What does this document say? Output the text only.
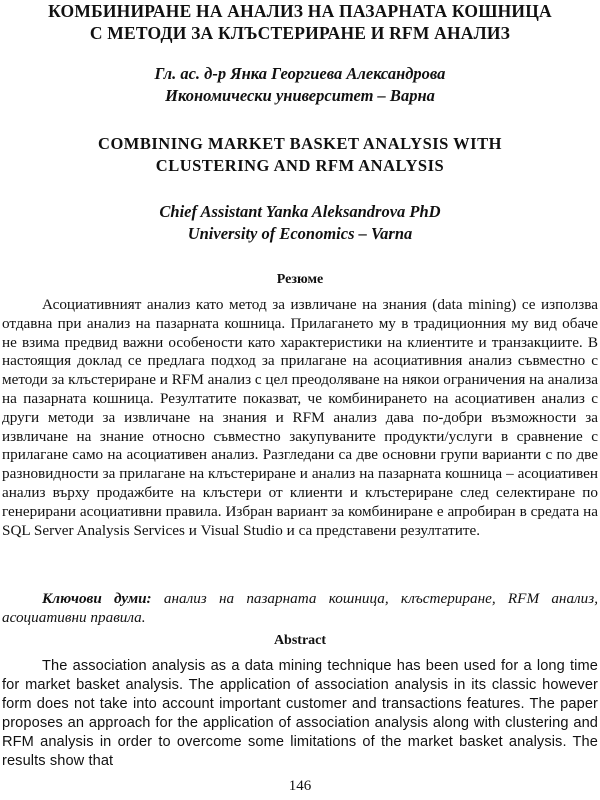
КОМБИНИРАНЕ НА АНАЛИЗ НА ПАЗАРНАТА КОШНИЦА
С МЕТОДИ ЗА КЛЪСТЕРИРАНЕ И RFM АНАЛИЗ
Гл. ас. д-р Янка Георгиева Александрова
Икономически университет – Варна
COMBINING MARKET BASKET ANALYSIS WITH
CLUSTERING AND RFM ANALYSIS
Chief Assistant Yanka Aleksandrova PhD
University of Economics – Varna
Резюме

Асоциативният анализ като метод за извличане на знания (data mining) се използва отдавна при анализ на пазарната кошница. Прилагането му в традиционния му вид обаче не взима предвид важни особености като характеристики на клиентите и транзакциите. В настоящия доклад се предлага подход за прилагане на асоциативния анализ съвместно с методи за клъстериране и RFM анализ с цел преодоляване на някои ограничения на анализа на пазарната кошница. Резултатите показват, че комбинирането на асоциативен анализ с други методи за извличане на знания и RFM анализ дава по-добри възможности за извличане на знание относно съвместно закупуваните продукти/услуги в сравнение с прилагане само на асоциативен анализ. Разгледани са две основни групи варианти с по две разновидности за прилагане на клъстериране и анализ на пазарната кошница – асоциативен анализ върху продажбите на клъстери от клиенти и клъстериране след селектиране по генерирани асоциативни правила. Избран вариант за комбиниране е апробиран в средата на SQL Server Analysis Services и Visual Studio и са представени резултатите.

Ключови думи: анализ на пазарната кошница, клъстериране, RFM анализ, асоциативни правила.

Abstract

The association analysis as a data mining technique has been used for a long time for market basket analysis. The application of association analysis in its classic however form does not take into account important customer and transactions features. The paper proposes an approach for the application of association analysis along with clustering and RFM analysis in order to overcome some limitations of the market basket analysis. The results show that

146
